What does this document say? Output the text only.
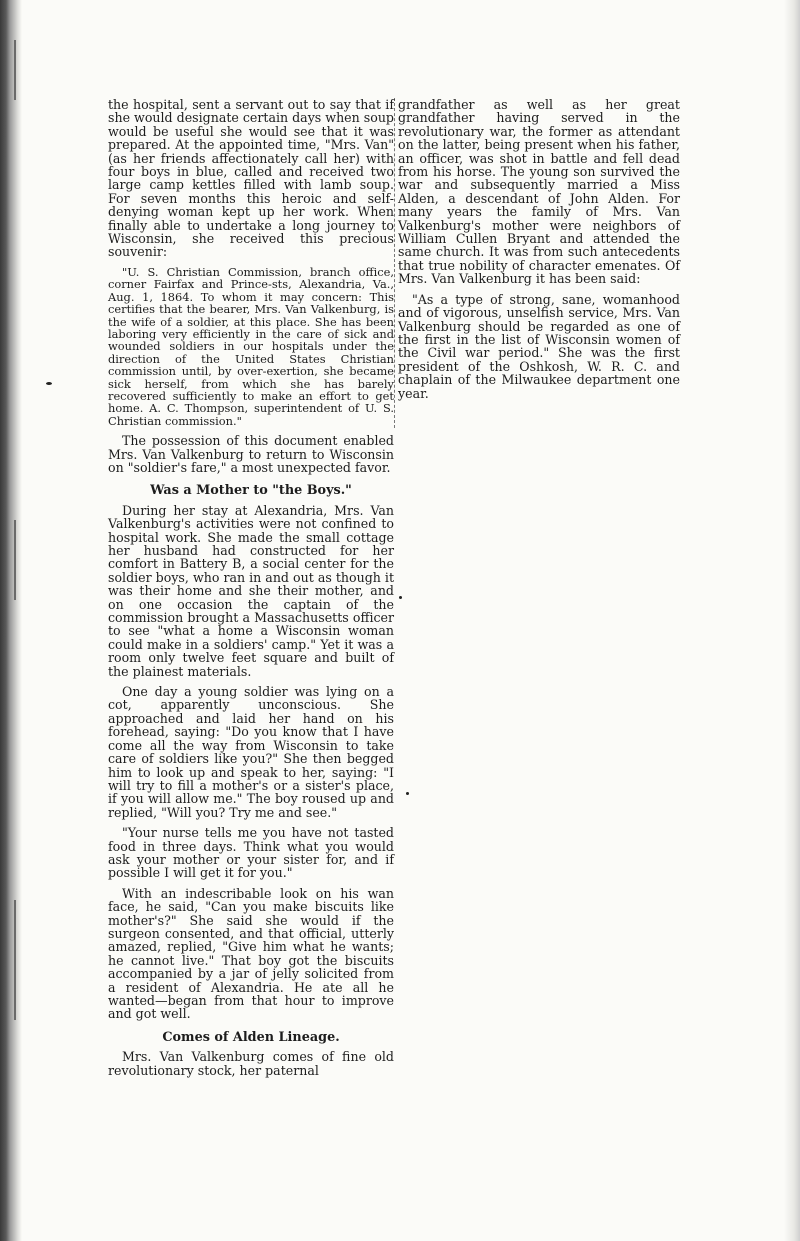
the hospital, sent a servant out to say that if she would designate certain days when soup would be useful she would see that it was prepared. At the appointed time, "Mrs. Van" (as her friends affectionately call her) with four boys in blue, called and received two large camp kettles filled with lamb soup. For seven months this heroic and self-denying woman kept up her work. When finally able to undertake a long journey to Wisconsin, she received this precious souvenir:

"U. S. Christian Commission, branch office, corner Fairfax and Prince-sts, Alexandria, Va., Aug. 1, 1864. To whom it may concern: This certifies that the bearer, Mrs. Van Valkenburg, is the wife of a soldier, at this place. She has been laboring very efficiently in the care of sick and wounded soldiers in our hospitals under the direction of the United States Christian commission until, by over-exertion, she became sick herself, from which she has barely recovered sufficiently to make an effort to get home. A. C. Thompson, superintendent of U. S. Christian commission."

The possession of this document enabled Mrs. Van Valkenburg to return to Wisconsin on "soldier's fare," a most unexpected favor.

Was a Mother to "the Boys."

During her stay at Alexandria, Mrs. Van Valkenburg's activities were not confined to hospital work. She made the small cottage her husband had constructed for her comfort in Battery B, a social center for the soldier boys, who ran in and out as though it was their home and she their mother, and on one occasion the captain of the commission brought a Massachusetts officer to see "what a home a Wisconsin woman could make in a soldiers' camp." Yet it was a room only twelve feet square and built of the plainest materials.

One day a young soldier was lying on a cot, apparently unconscious. She approached and laid her hand on his forehead, saying: "Do you know that I have come all the way from Wisconsin to take care of soldiers like you?" She then begged him to look up and speak to her, saying: "I will try to fill a mother's or a sister's place, if you will allow me." The boy roused up and replied, "Will you? Try me and see."

"Your nurse tells me you have not tasted food in three days. Think what you would ask your mother or your sister for, and if possible I will get it for you."

With an indescribable look on his wan face, he said, "Can you make biscuits like mother's?" She said she would if the surgeon consented, and that official, utterly amazed, replied, "Give him what he wants; he cannot live." That boy got the biscuits accompanied by a jar of jelly solicited from a resident of Alexandria. He ate all he wanted—began from that hour to improve and got well.

Comes of Alden Lineage.

Mrs. Van Valkenburg comes of fine old revolutionary stock, her paternal

grandfather as well as her great grandfather having served in the revolutionary war, the former as attendant on the latter, being present when his father, an officer, was shot in battle and fell dead from his horse. The young son survived the war and subsequently married a Miss Alden, a descendant of John Alden. For many years the family of Mrs. Van Valkenburg's mother were neighbors of William Cullen Bryant and attended the same church. It was from such antecedents that true nobility of character emenates. Of Mrs. Van Valkenburg it has been said:

"As a type of strong, sane, womanhood and of vigorous, unselfish service, Mrs. Van Valkenburg should be regarded as one of the first in the list of Wisconsin women of the Civil war period." She was the first president of the Oshkosh, W. R. C. and chaplain of the Milwaukee department one year.
